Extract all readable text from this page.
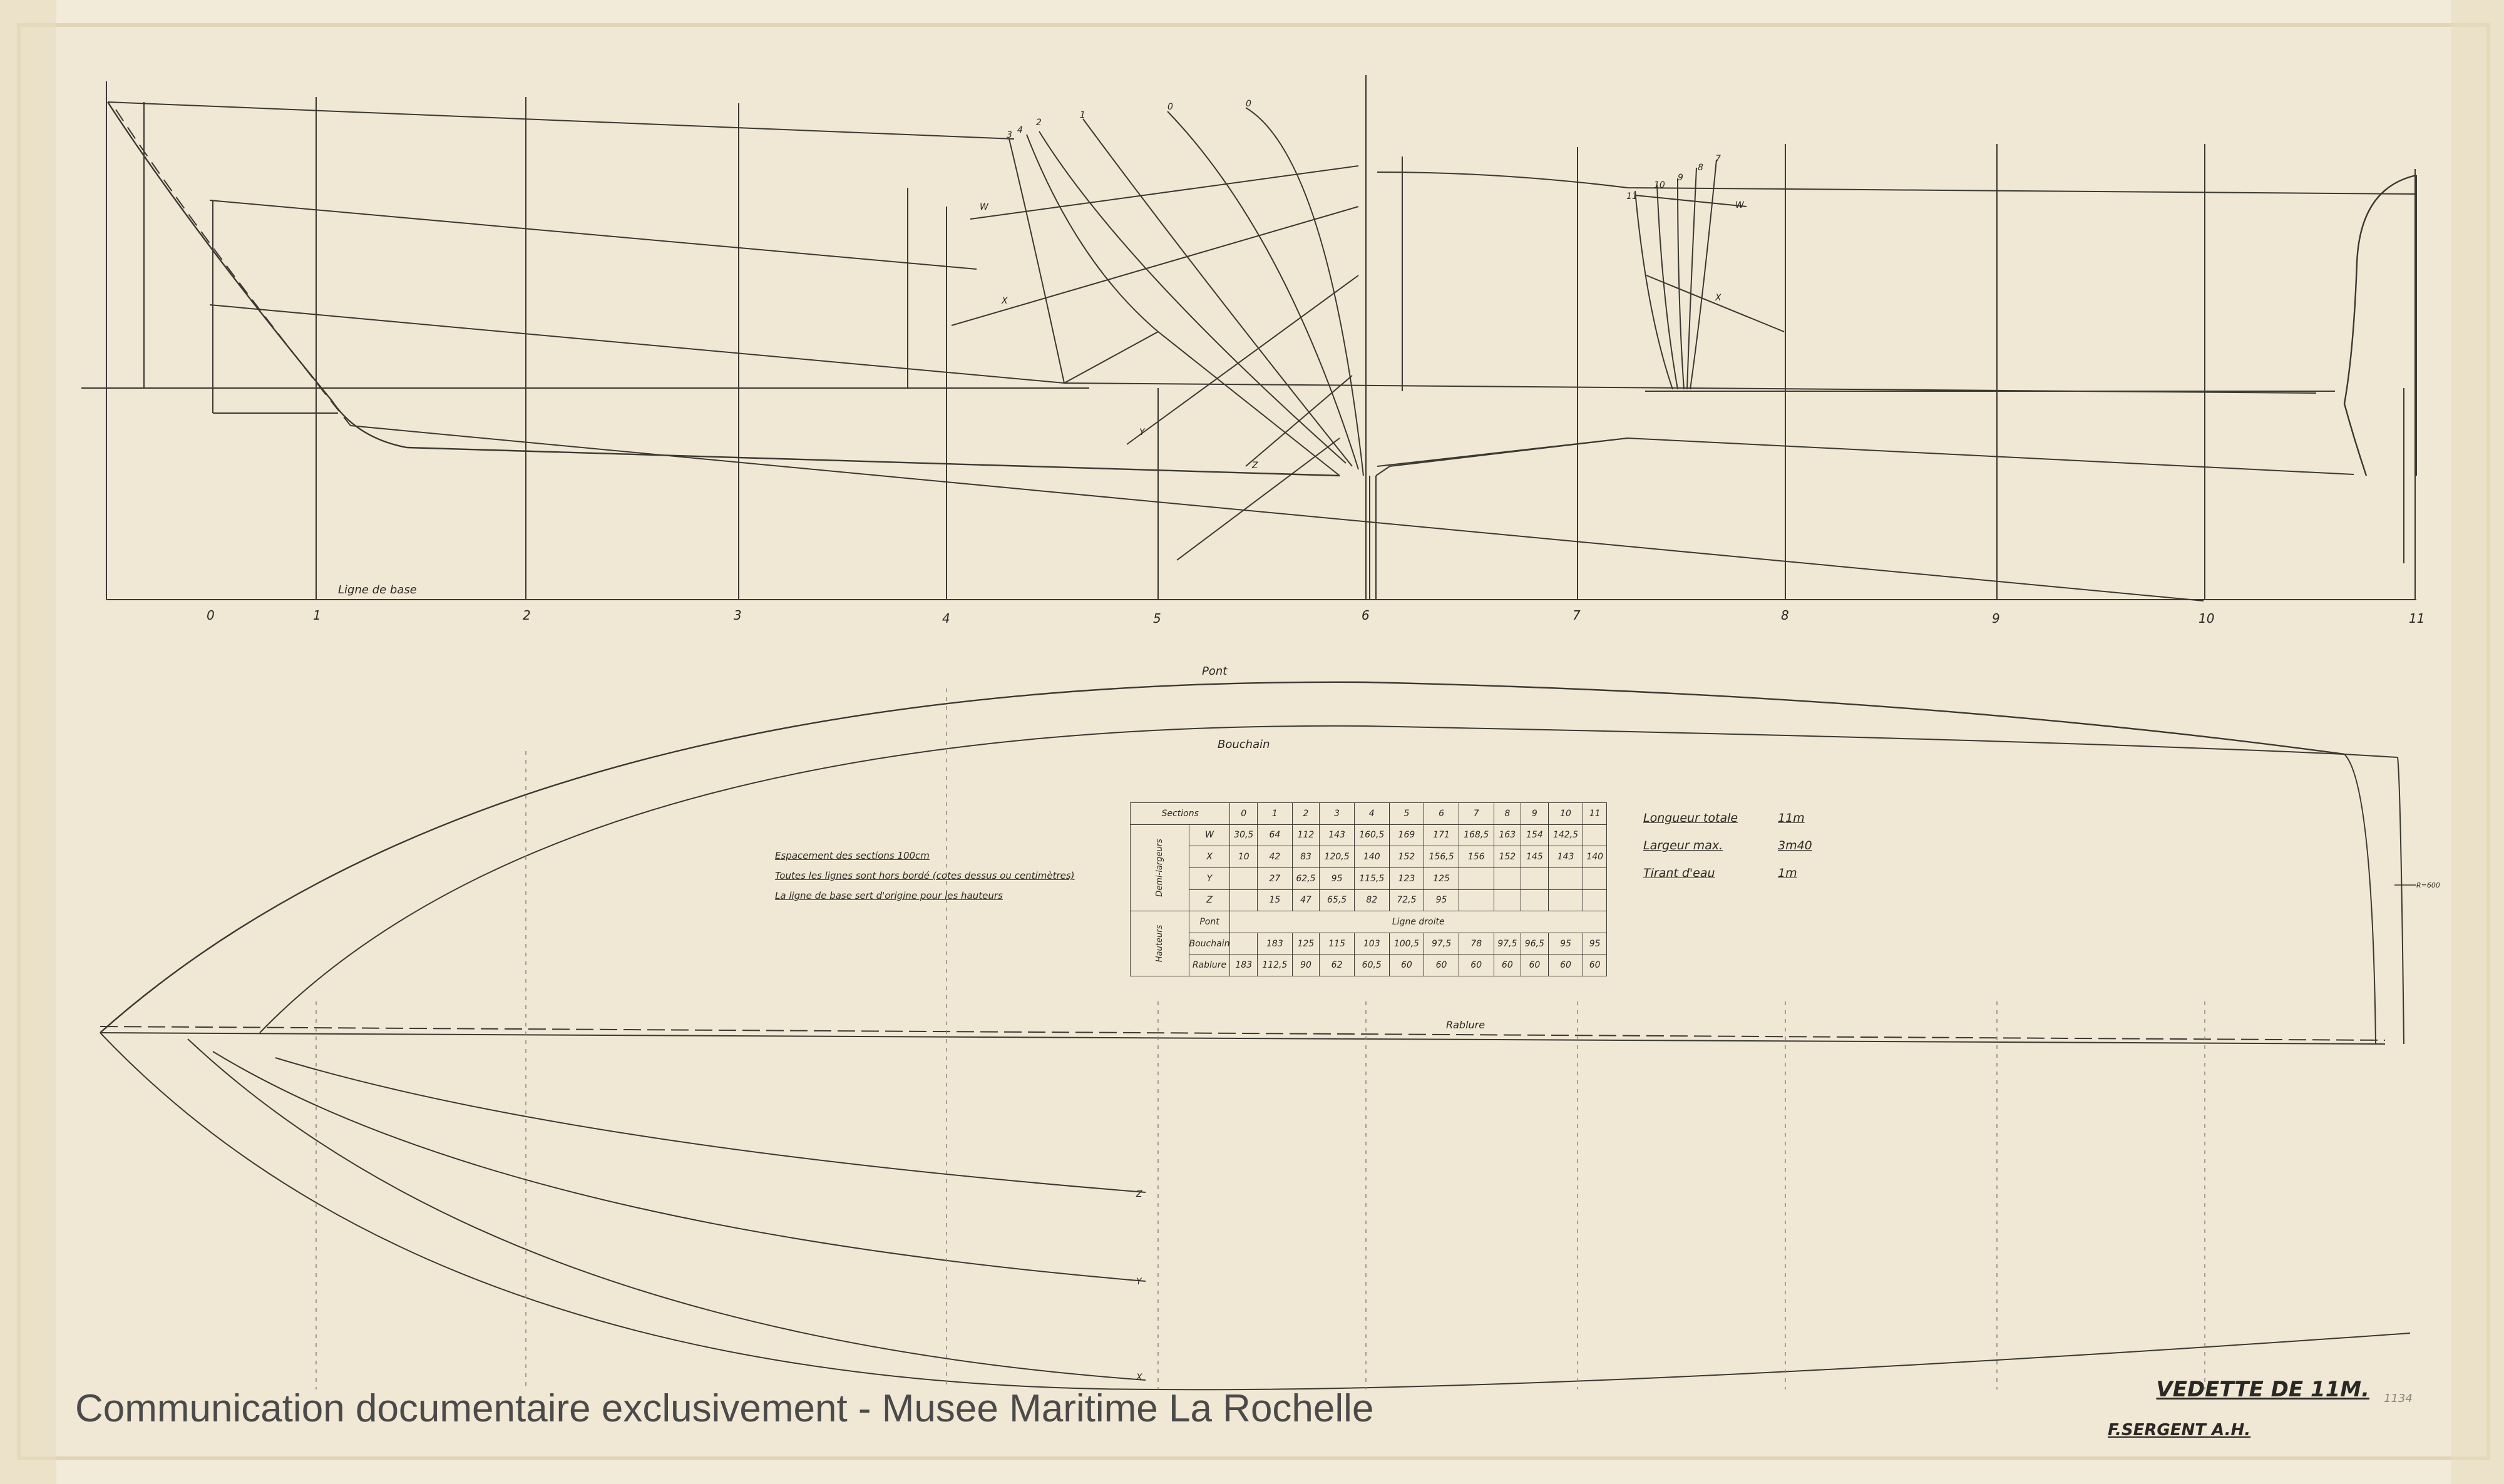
0	1	2	3	4	5	6	7	8	9	10	11
Ligne de base
3 4
2
1
0	0
11
10
9
8
7
W
X
Y
Z
W
X
Pont
Bouchain
Rablure
Z
Y
X
R=600
Espacement des sections 100cm
Toutes les lignes sont hors bordé (cotes dessus ou centimètres)
La ligne de base sert d'origine pour les hauteurs
Sections		0	1	2	3	4	5	6	7	8	9	10	11
Demi-largeurs	W	30,5	64	112	143	160,5	169	171	168,5	163	154	142,5	
	X	10	42	83	120,5	140	152	156,5	156	152	145	143	140
	Y		27	62,5	95	115,5	123	125					
	Z		15	47	65,5	82	72,5	95					
Hauteurs	Pont	Ligne droite											
	Bouchain		183	125	115	103	100,5	97,5	78	97,5	96,5	95	95
	Rablure	183	112,5	90	62	60,5	60	60	60	60	60	60	60
Longueur totale	11m
Largeur max.	3m40
Tirant d'eau	1m
VEDETTE DE 11M.
F.SERGENT A.H.
1134
Communication documentaire exclusivement - Musee Maritime La Rochelle
